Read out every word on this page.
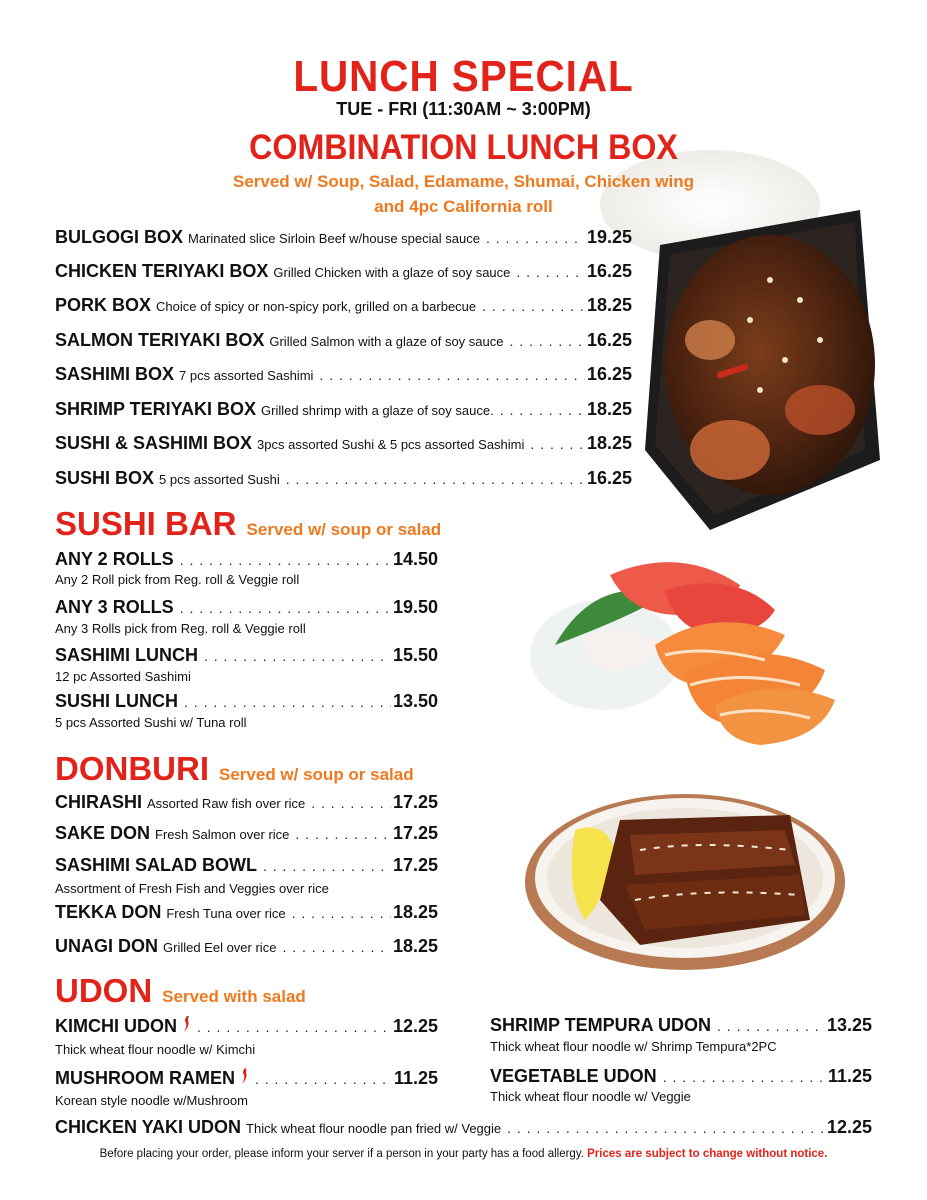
LUNCH SPECIAL
TUE - FRI (11:30AM ~ 3:00PM)
COMBINATION LUNCH BOX
Served w/ Soup, Salad, Edamame, Shumai, Chicken wing
and 4pc California roll
BULGOGI BOX Marinated slice Sirloin Beef w/house special sauce . . .	19.25
CHICKEN TERIYAKI BOX Grilled Chicken with a glaze of soy sauce . . .	16.25
PORK BOX Choice of spicy or non-spicy pork, grilled on a barbecue . . .	18.25
SALMON TERIYAKI BOX Grilled Salmon with a glaze of soy sauce . . .	16.25
SASHIMI BOX 7 pcs assorted Sashimi . . .	16.25
SHRIMP TERIYAKI BOX Grilled shrimp with a glaze of soy sauce. . . .	18.25
SUSHI & SASHIMI BOX 3pcs assorted Sushi & 5 pcs assorted Sashimi . . .	18.25
SUSHI BOX 5 pcs assorted Sushi . . .	16.25
SUSHI BAR Served w/ soup or salad
ANY 2 ROLLS . . .	14.50
Any 2 Roll pick from Reg. roll & Veggie roll
ANY 3 ROLLS . . .	19.50
Any 3 Rolls pick from Reg. roll & Veggie roll
SASHIMI LUNCH . . .	15.50
12 pc Assorted Sashimi
SUSHI LUNCH . . .	13.50
5 pcs Assorted Sushi w/ Tuna roll
DONBURI Served w/ soup or salad
CHIRASHI Assorted Raw fish over rice . . .	17.25
SAKE DON Fresh Salmon over rice . . .	17.25
SASHIMI SALAD BOWL . . .	17.25
Assortment of Fresh Fish and Veggies over rice
TEKKA DON Fresh Tuna over rice . . .	18.25
UNAGI DON Grilled Eel over rice . . .	18.25
UDON Served with salad
KIMCHI UDON . . .	12.25
Thick wheat flour noodle w/ Kimchi
MUSHROOM RAMEN . . .	11.25
Korean style noodle w/Mushroom
SHRIMP TEMPURA UDON . . .	13.25
Thick wheat flour noodle w/ Shrimp Tempura*2PC
VEGETABLE UDON . . .	11.25
Thick wheat flour noodle w/ Veggie
CHICKEN YAKI UDON Thick wheat flour noodle pan fried w/ Veggie . . .	12.25
Before placing your order, please inform your server if a person in your party has a food allergy. Prices are subject to change without notice.
